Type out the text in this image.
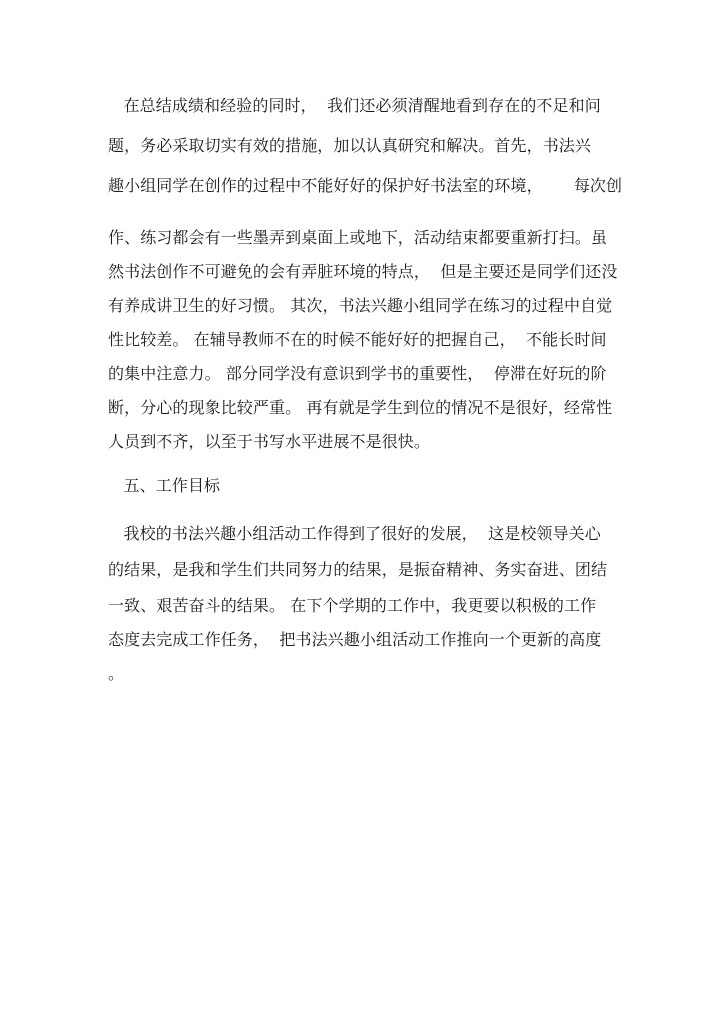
在总结成绩和经验的同时，  我们还必须清醒地看到存在的不足和问
题，务必采取切实有效的措施，加以认真研究和解决。首先，书法兴
趣小组同学在创作的过程中不能好好的保护好书法室的环境，      每次创
作、练习都会有一些墨弄到桌面上或地下，活动结束都要重新打扫。虽
然书法创作不可避免的会有弄脏环境的特点，  但是主要还是同学们还没
有养成讲卫生的好习惯。 其次，书法兴趣小组同学在练习的过程中自觉
性比较差。 在辅导教师不在的时候不能好好的把握自己，  不能长时间
的集中注意力。 部分同学没有意识到学书的重要性，  停滞在好玩的阶
断，分心的现象比较严重。 再有就是学生到位的情况不是很好，经常性
人员到不齐，以至于书写水平进展不是很快。
五、工作目标
我校的书法兴趣小组活动工作得到了很好的发展，  这是校领导关心
的结果，是我和学生们共同努力的结果，是振奋精神、务实奋进、团结
一致、艰苦奋斗的结果。 在下个学期的工作中，我更要以积极的工作
态度去完成工作任务，  把书法兴趣小组活动工作推向一个更新的高度
。
